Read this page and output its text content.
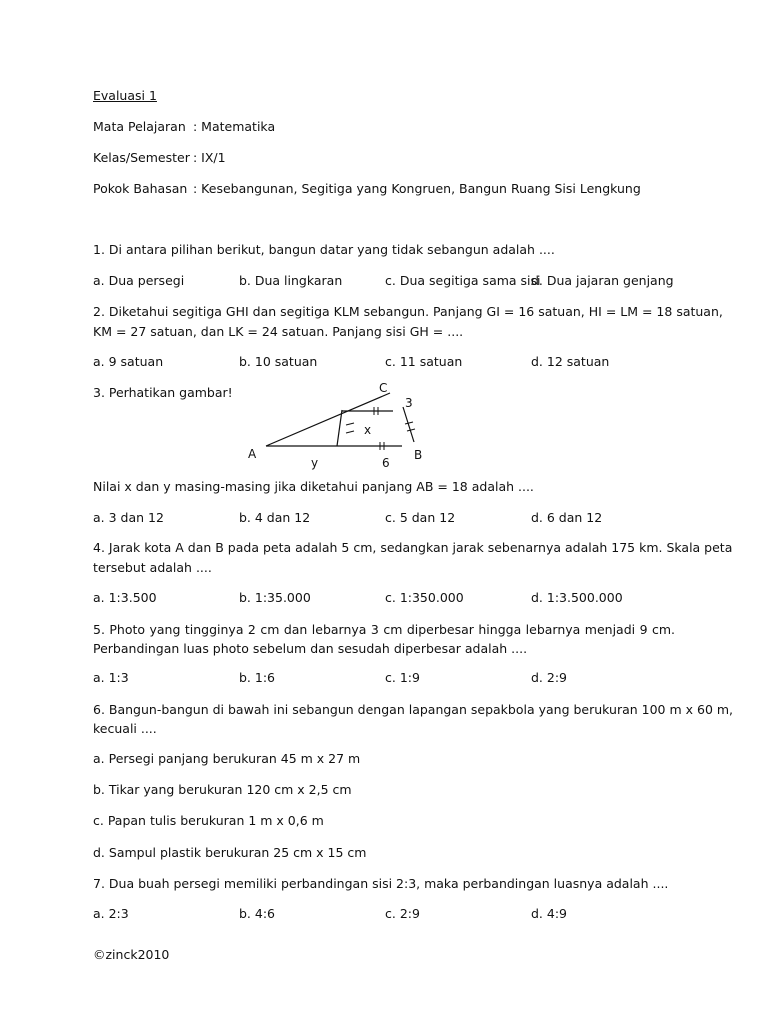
Evaluasi 1
Mata Pelajaran : Matematika
Kelas/Semester : IX/1
Pokok Bahasan : Kesebangunan, Segitiga yang Kongruen, Bangun Ruang Sisi Lengkung
1. Di antara pilihan berikut, bangun datar yang tidak sebangun adalah ....
a. Dua persegi	b. Dua lingkaran	c. Dua segitiga sama sisi
d. Dua jajaran genjang
2. Diketahui segitiga GHI dan segitiga KLM sebangun. Panjang GI = 16 satuan, HI = LM = 18 satuan,
KM = 27 satuan, dan LK = 24 satuan. Panjang sisi GH = ....
a. 9 satuan	b. 10 satuan	c. 11 satuan	d. 12 satuan
3. Perhatikan gambar!	C
3
x
A
y	6
B
Nilai x dan y masing-masing jika diketahui panjang AB = 18 adalah ....
a. 3 dan 12	b. 4 dan 12	c. 5 dan 12	d. 6 dan 12
4. Jarak kota A dan B pada peta adalah 5 cm, sedangkan jarak sebenarnya adalah 175 km. Skala peta
tersebut adalah ....
a. 1:3.500	b. 1:35.000	c. 1:350.000	d. 1:3.500.000
5. Photo yang tingginya 2 cm dan lebarnya 3 cm diperbesar hingga lebarnya menjadi 9 cm.
Perbandingan luas photo sebelum dan sesudah diperbesar adalah ....
a. 1:3	b. 1:6	c. 1:9	d. 2:9
6. Bangun-bangun di bawah ini sebangun dengan lapangan sepakbola yang berukuran 100 m x 60 m,
kecuali ....
a. Persegi panjang berukuran 45 m x 27 m
b. Tikar yang berukuran 120 cm x 2,5 cm
c. Papan tulis berukuran 1 m x 0,6 m
d. Sampul plastik berukuran 25 cm x 15 cm
7. Dua buah persegi memiliki perbandingan sisi 2:3, maka perbandingan luasnya adalah ....
a. 2:3	b. 4:6	c. 2:9	d. 4:9
©zinck2010
